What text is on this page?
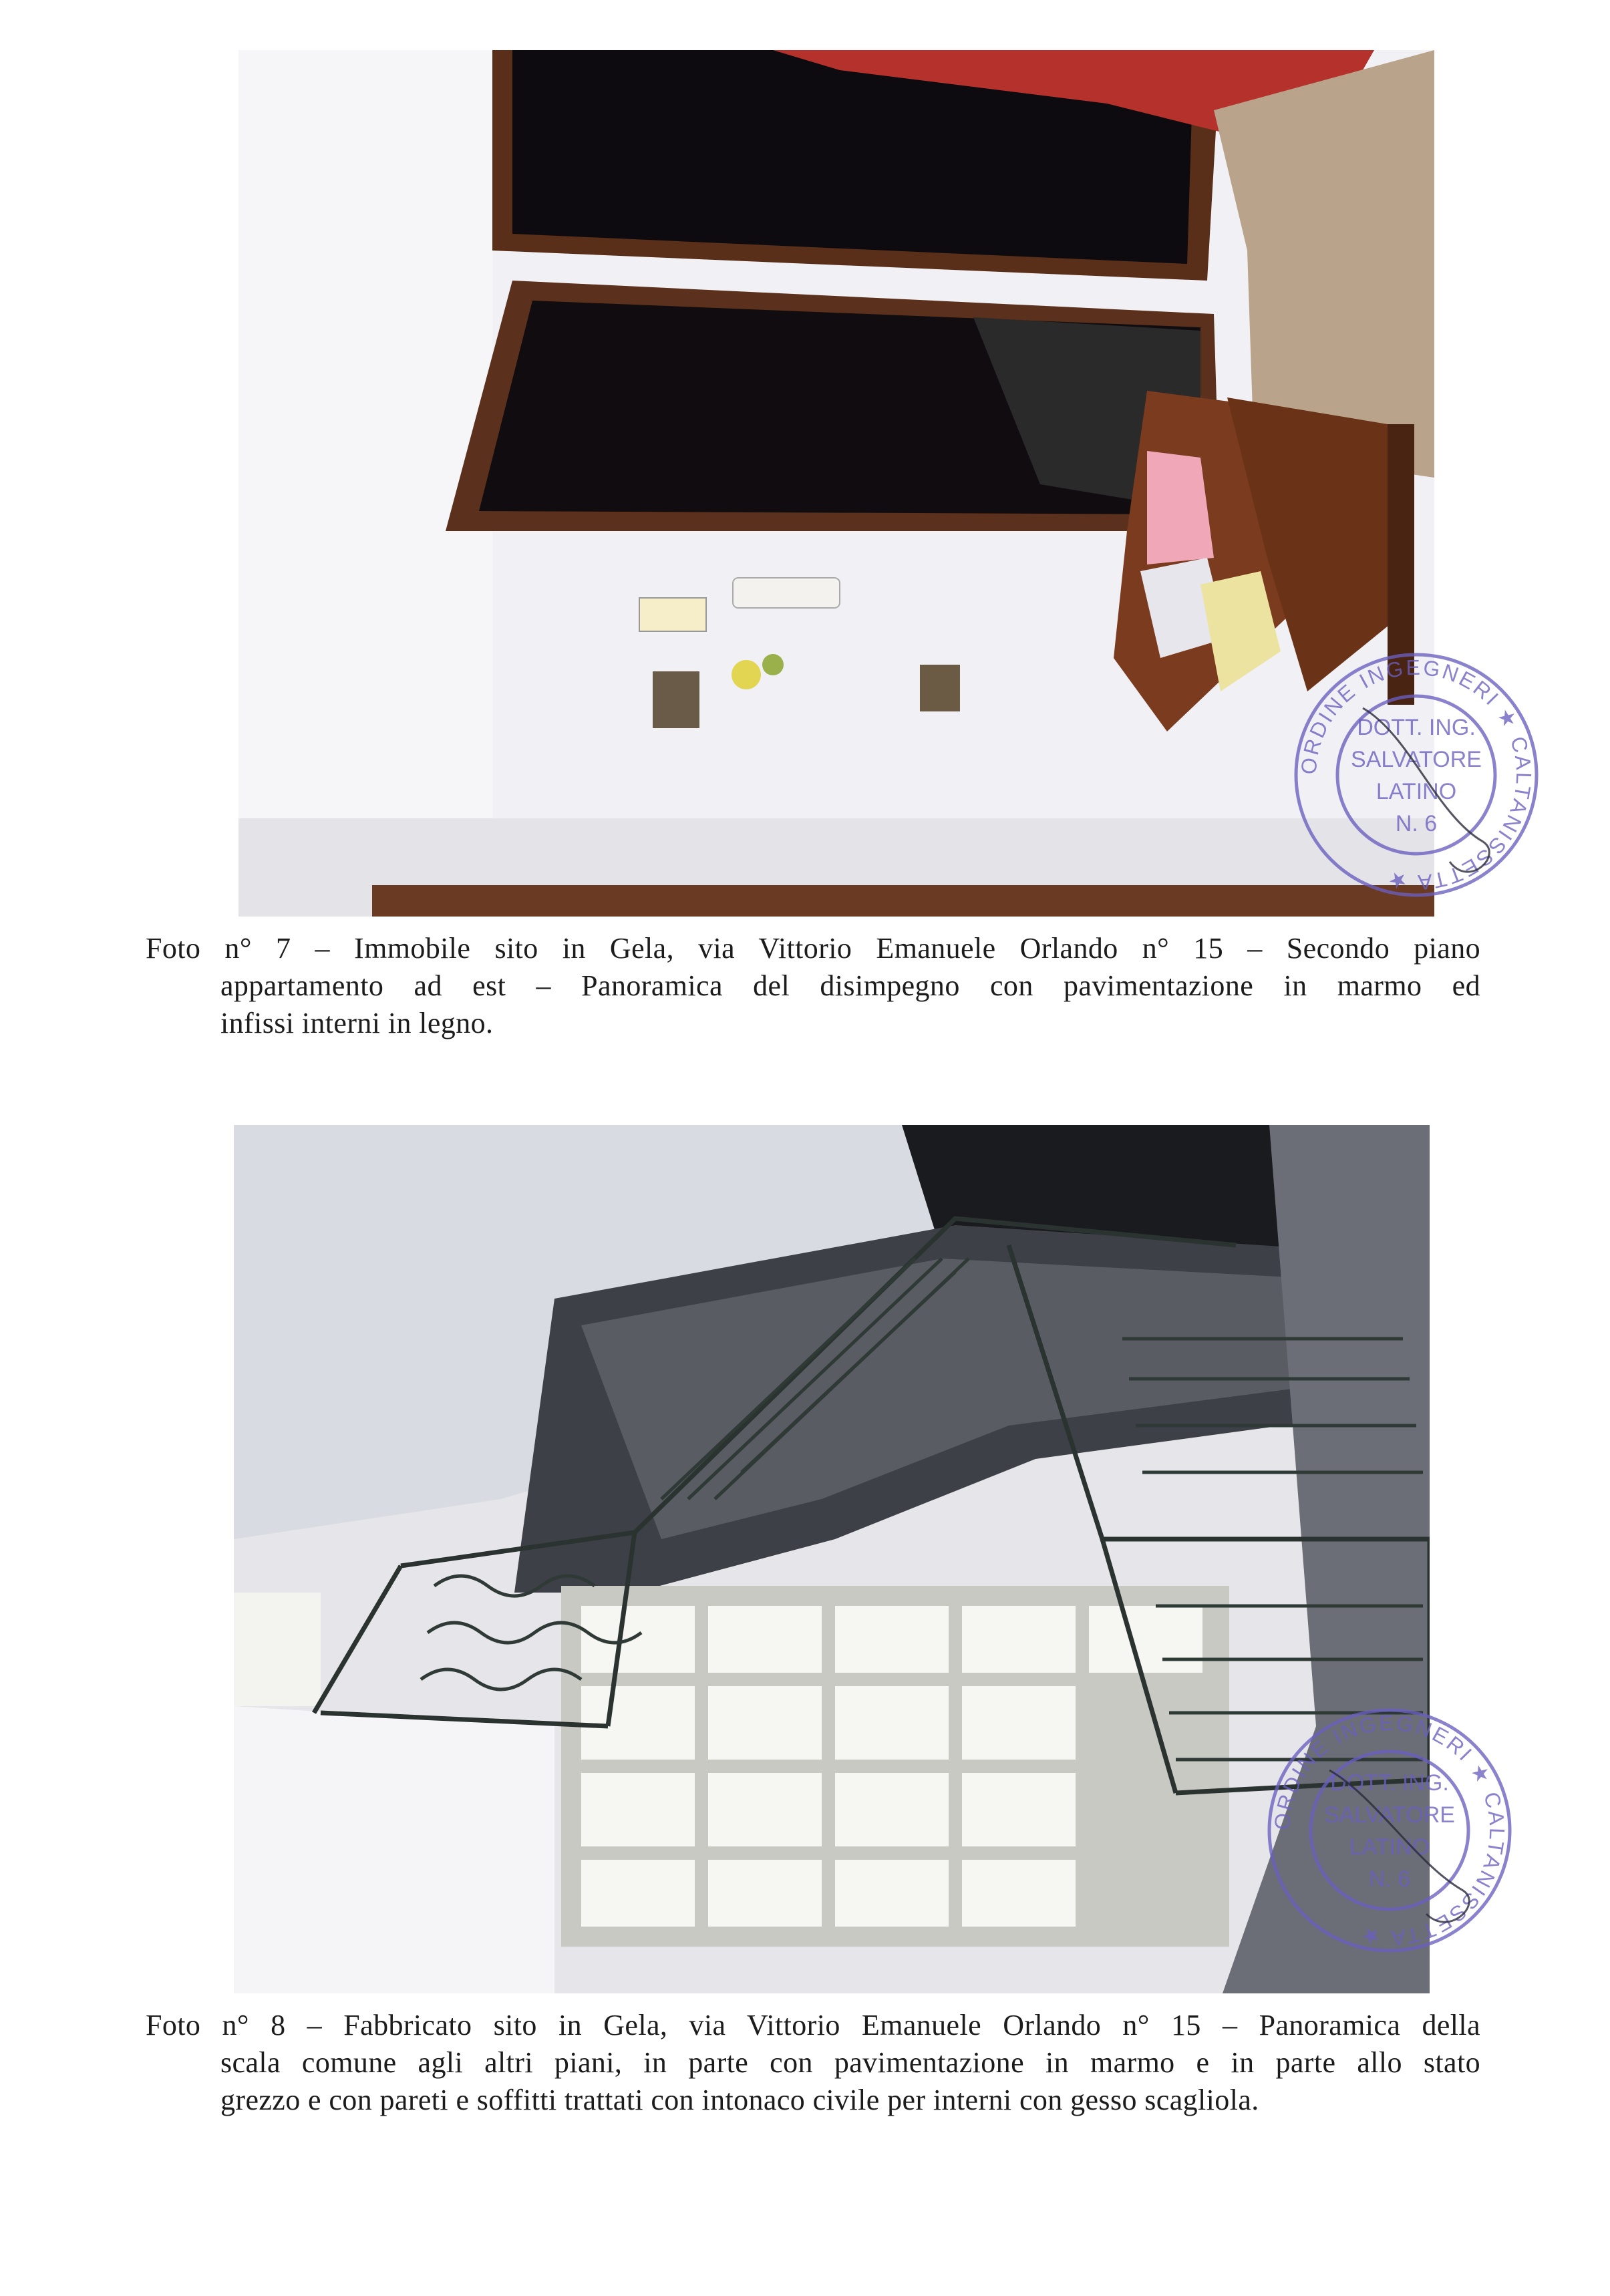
Foto n° 7 – Immobile sito in Gela, via Vittorio Emanuele Orlando n° 15 – Secondo piano
appartamento ad est – Panoramica del disimpegno con pavimentazione in marmo ed
infissi interni in legno.
Foto n° 8 – Fabbricato sito in Gela, via Vittorio Emanuele Orlando n° 15 – Panoramica della
scala comune agli altri piani, in parte con pavimentazione in marmo e in parte allo stato
grezzo e con pareti e soffitti trattati con intonaco civile per interni con gesso scagliola.
ORDINE INGEGNERI ★ CALTANISSETTA ★
DOTT. ING.
SALVATORE
LATINO
N. 6
ORDINE INGEGNERI ★ CALTANISSETTA ★
DOTT. ING.
SALVATORE
LATINO
N. 6
